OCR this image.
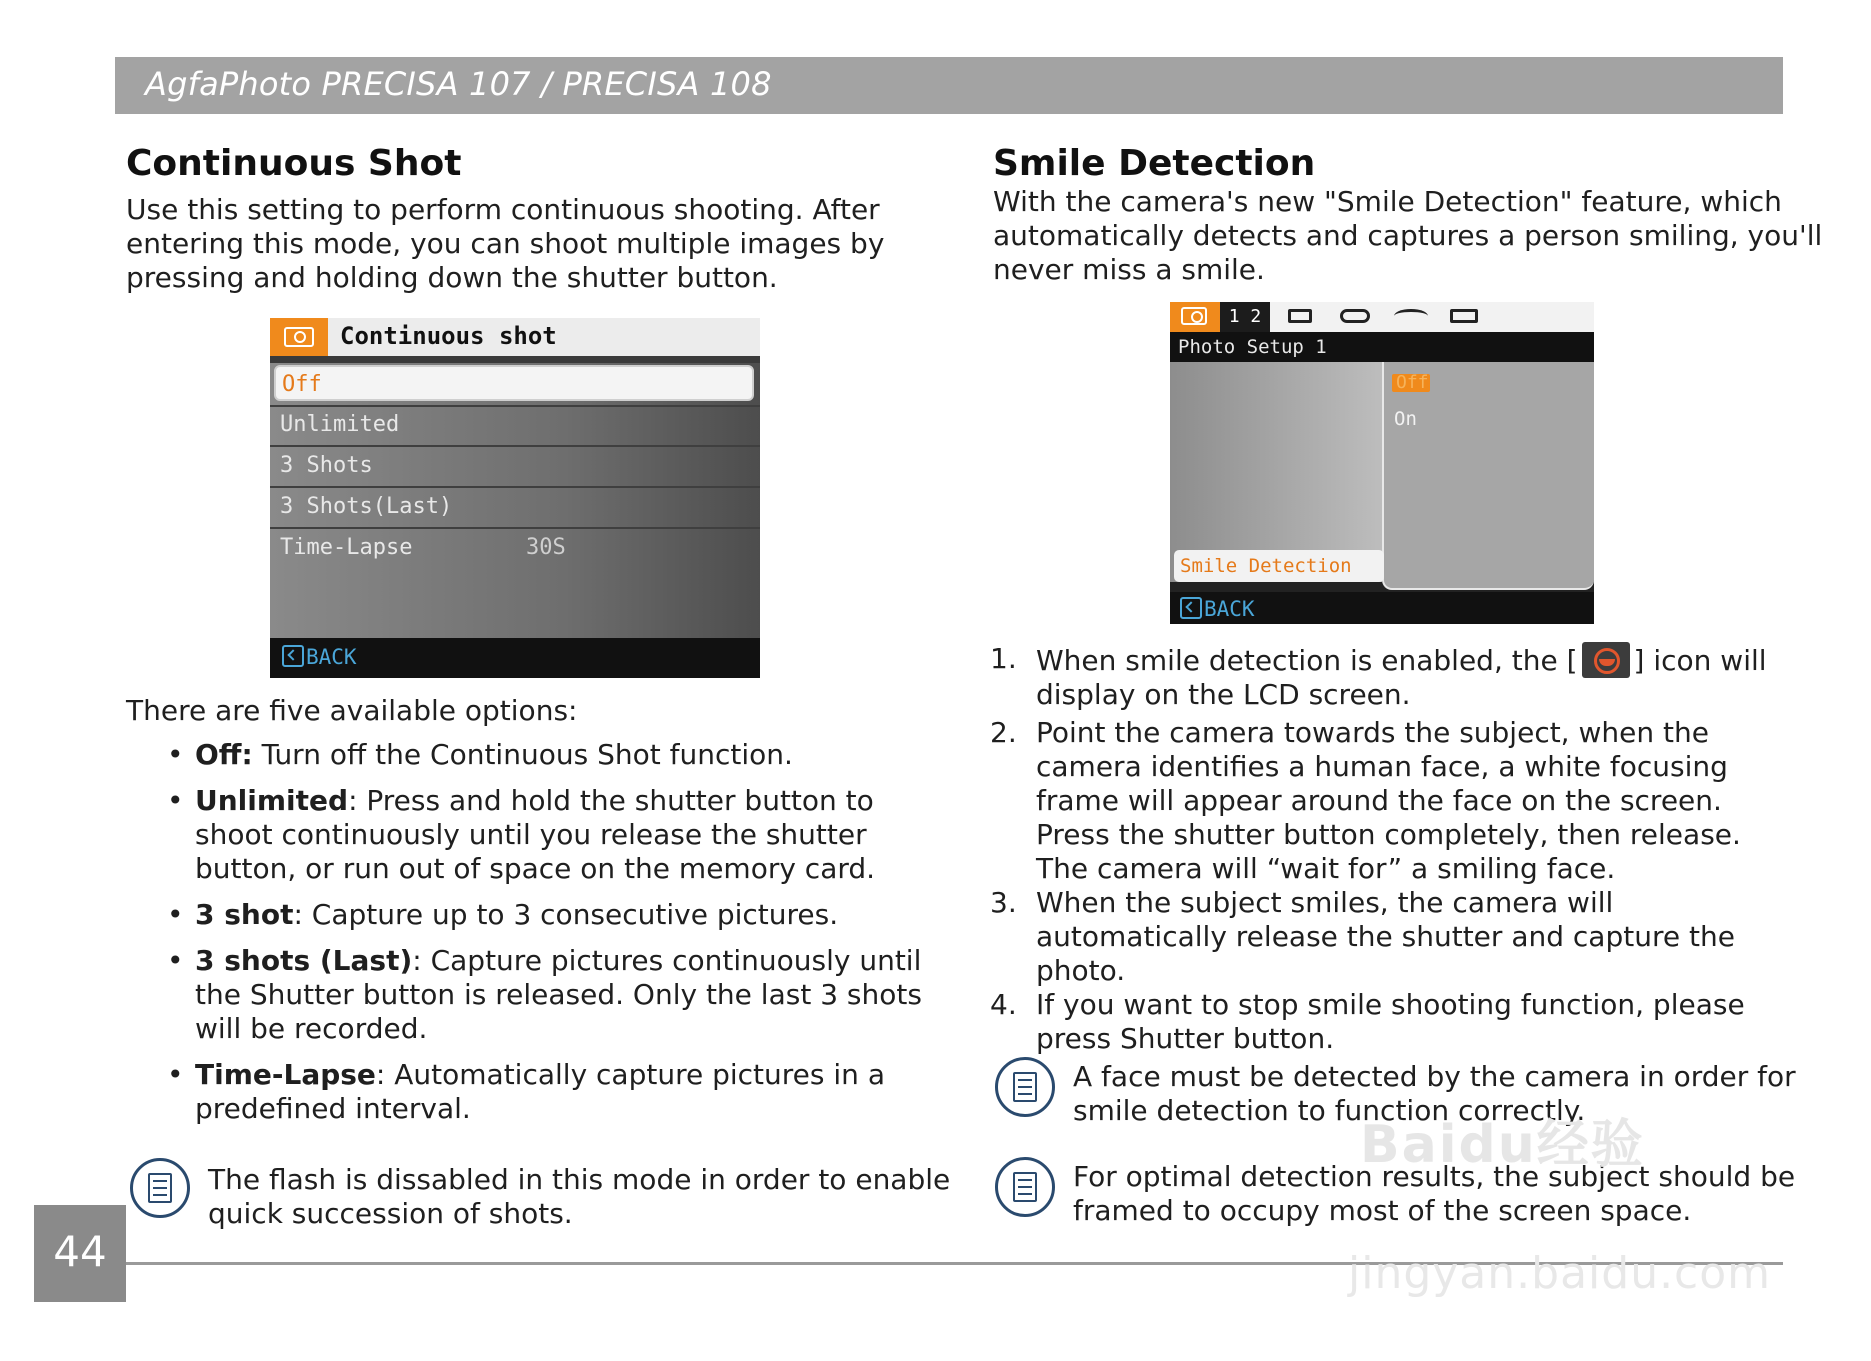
AgfaPhoto PRECISA 107 / PRECISA 108
Continuous Shot
Use this setting to perform continuous shooting. After
entering this mode, you can shoot multiple images by
pressing and holding down the shutter button.
Continuous shot
Off
Unlimited
3 Shots
3 Shots(Last)
Time-Lapse	30S
BACK
There are five available options:
• Off: Turn off the Continuous Shot function.
• Unlimited: Press and hold the shutter button to shoot continuously until you release the shutter button, or run out of space on the memory card.
• 3 shot: Capture up to 3 consecutive pictures.
• 3 shots (Last): Capture pictures continuously until the Shutter button is released. Only the last 3 shots will be recorded.
• Time-Lapse: Automatically capture pictures in a predefined interval.
The flash is dissabled in this mode in order to enable
quick succession of shots.
Smile Detection
With the camera's new "Smile Detection" feature, which
automatically detects and captures a person smiling, you'll
never miss a smile.
1 2
Photo Setup 1
Off
On
Smile Detection
BACK
1. When smile detection is enabled, the [ ] icon will display on the LCD screen.
2. Point the camera towards the subject, when the camera identifies a human face, a white focusing frame will appear around the face on the screen. Press the shutter button completely, then release. The camera will “wait for” a smiling face.
3. When the subject smiles, the camera will automatically release the shutter and capture the photo.
4. If you want to stop smile shooting function, please press Shutter button.
A face must be detected by the camera in order for
smile detection to function correctly.
For optimal detection results, the subject should be
framed to occupy most of the screen space.
44
Baidu经验
jingyan.baidu.com
